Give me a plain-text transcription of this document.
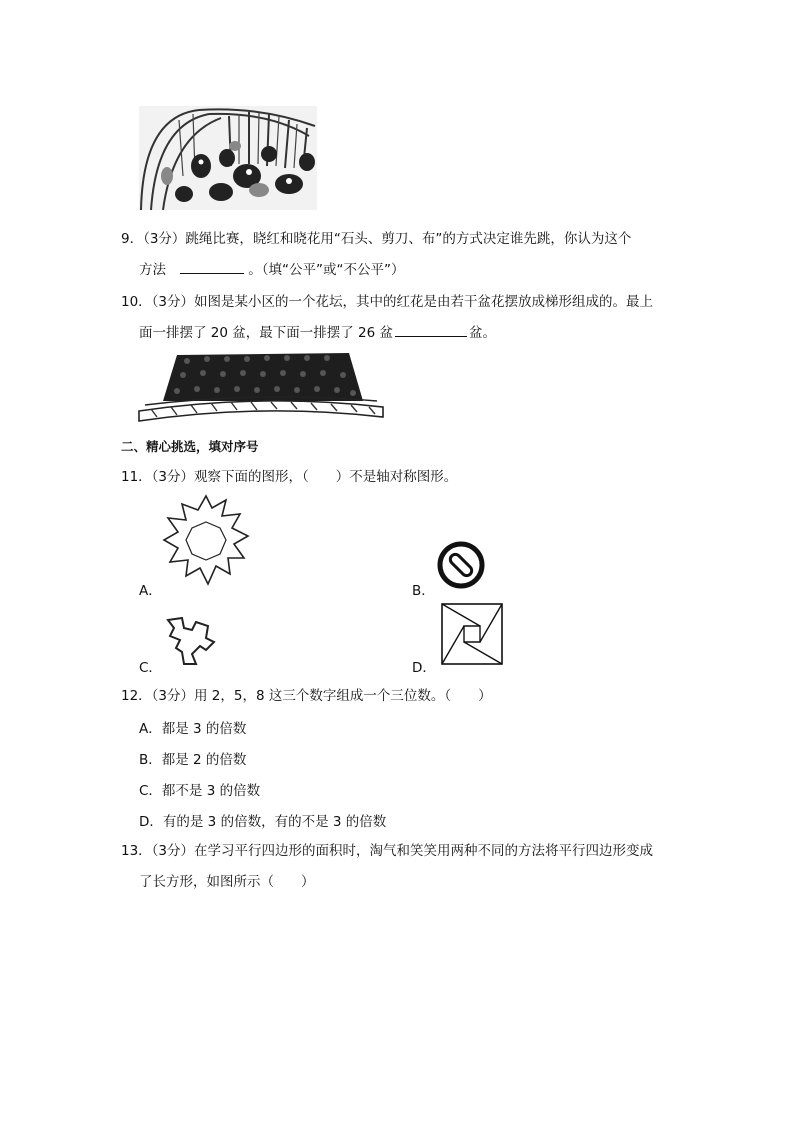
9．（3分）跳绳比赛，晓红和晓花用“石头、剪刀、布”的方式决定谁先跳，你认为这个
方法	。（填“公平”或“不公平”）
10．（3分）如图是某小区的一个花坛，其中的红花是由若干盆花摆放成梯形组成的。最上
面一排摆了 20 盆，最下面一排摆了 26 盆	盆。
二、精心挑选，填对序号
11．（3分）观察下面的图形，（　　）不是轴对称图形。
A．	B．
C．	D．
12．（3分）用 2，5，8 这三个数字组成一个三位数。（　　）
A．都是 3 的倍数
B．都是 2 的倍数
C．都不是 3 的倍数
D．有的是 3 的倍数，有的不是 3 的倍数
13．（3分）在学习平行四边形的面积时，淘气和笑笑用两种不同的方法将平行四边形变成
了长方形，如图所示（　　）
